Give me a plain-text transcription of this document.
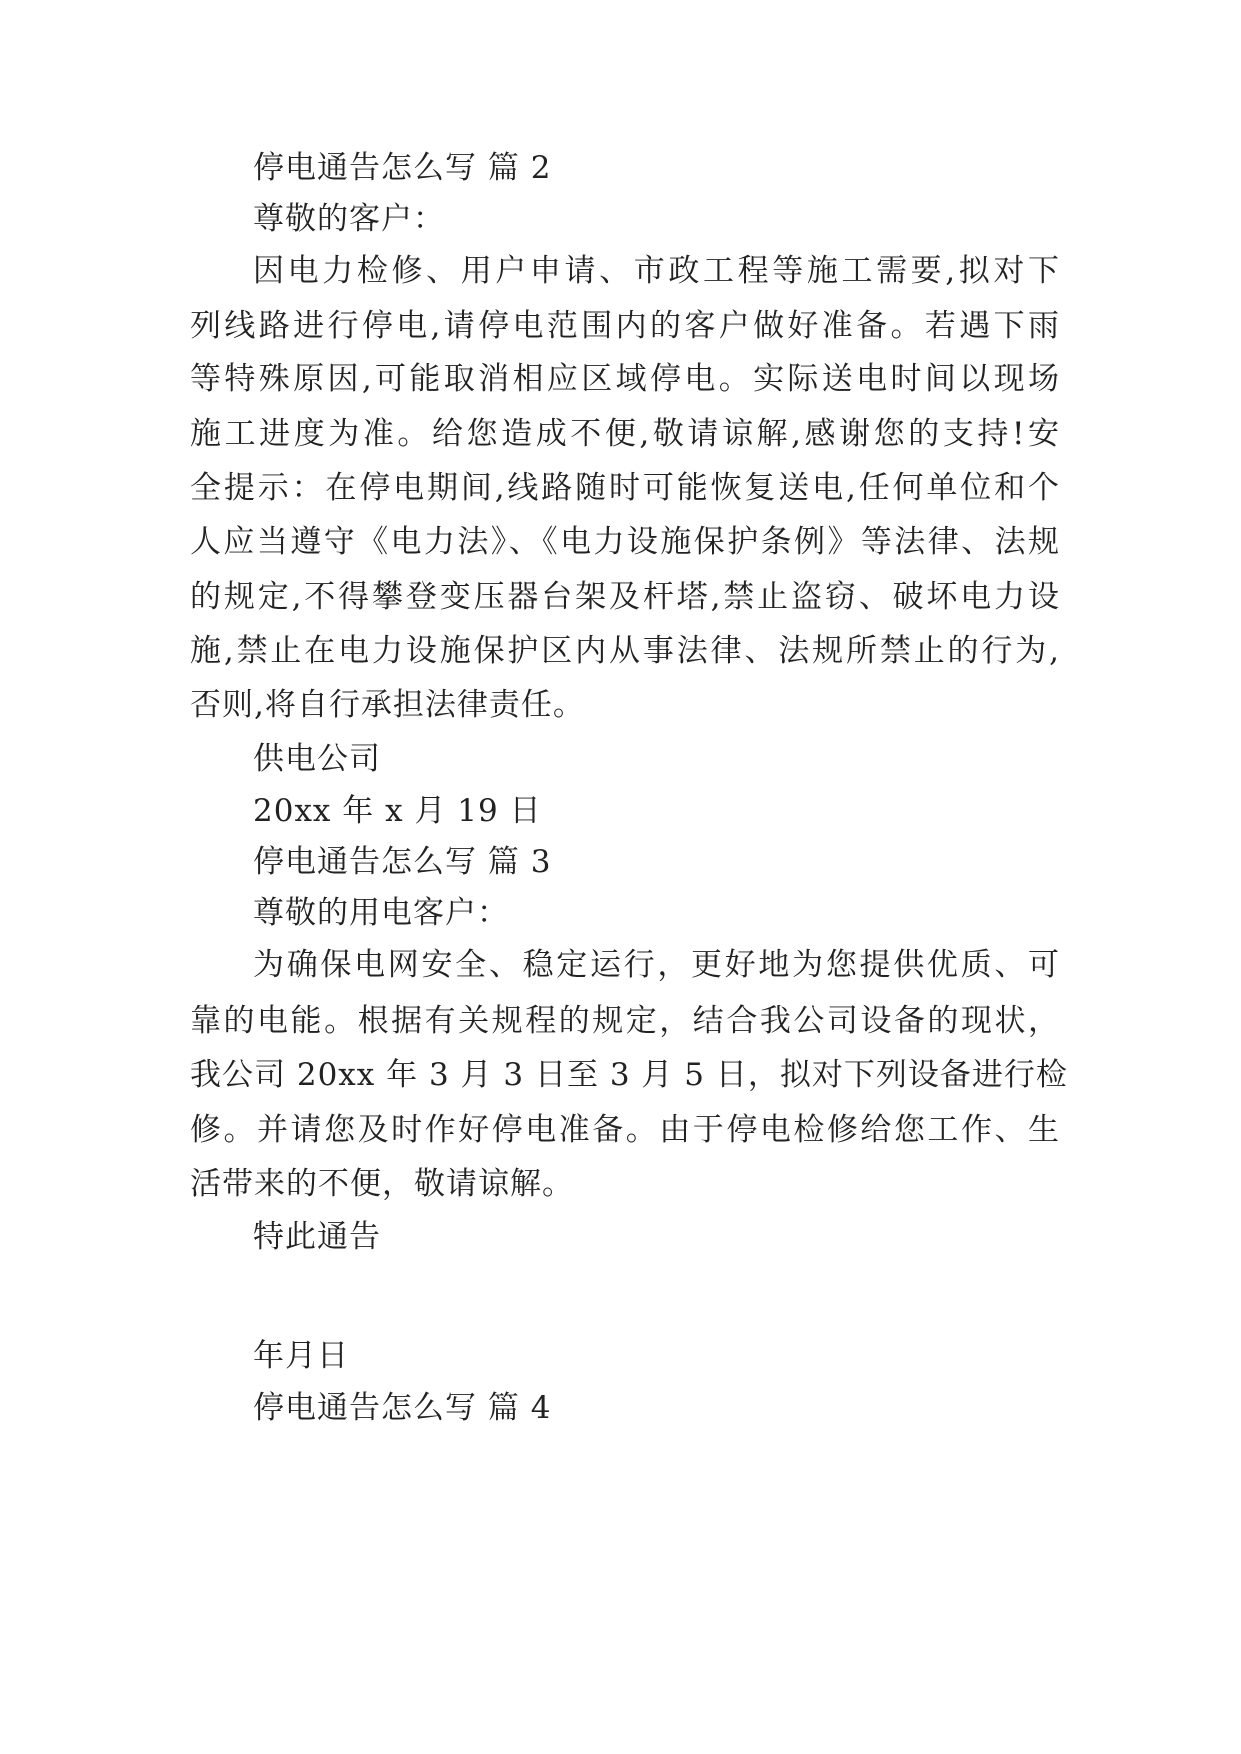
停电通告怎么写 篇 2
尊敬的客户：
因电力检修、用户申请、市政工程等施工需要,拟对下
列线路进行停电,请停电范围内的客户做好准备。若遇下雨
等特殊原因,可能取消相应区域停电。实际送电时间以现场
施工进度为准。给您造成不便,敬请谅解,感谢您的支持!安
全提示：在停电期间,线路随时可能恢复送电,任何单位和个
人应当遵守《电力法》、《电力设施保护条例》等法律、法规
的规定,不得攀登变压器台架及杆塔,禁止盗窃、破坏电力设
施,禁止在电力设施保护区内从事法律、法规所禁止的行为,
否则,将自行承担法律责任。
供电公司
20xx 年 x 月 19 日
停电通告怎么写 篇 3
尊敬的用电客户：
为确保电网安全、稳定运行，更好地为您提供优质、可
靠的电能。根据有关规程的规定，结合我公司设备的现状，
我公司 20xx 年 3 月 3 日至 3 月 5 日，拟对下列设备进行检
修。并请您及时作好停电准备。由于停电检修给您工作、生
活带来的不便，敬请谅解。
特此通告
年月日
停电通告怎么写 篇 4
